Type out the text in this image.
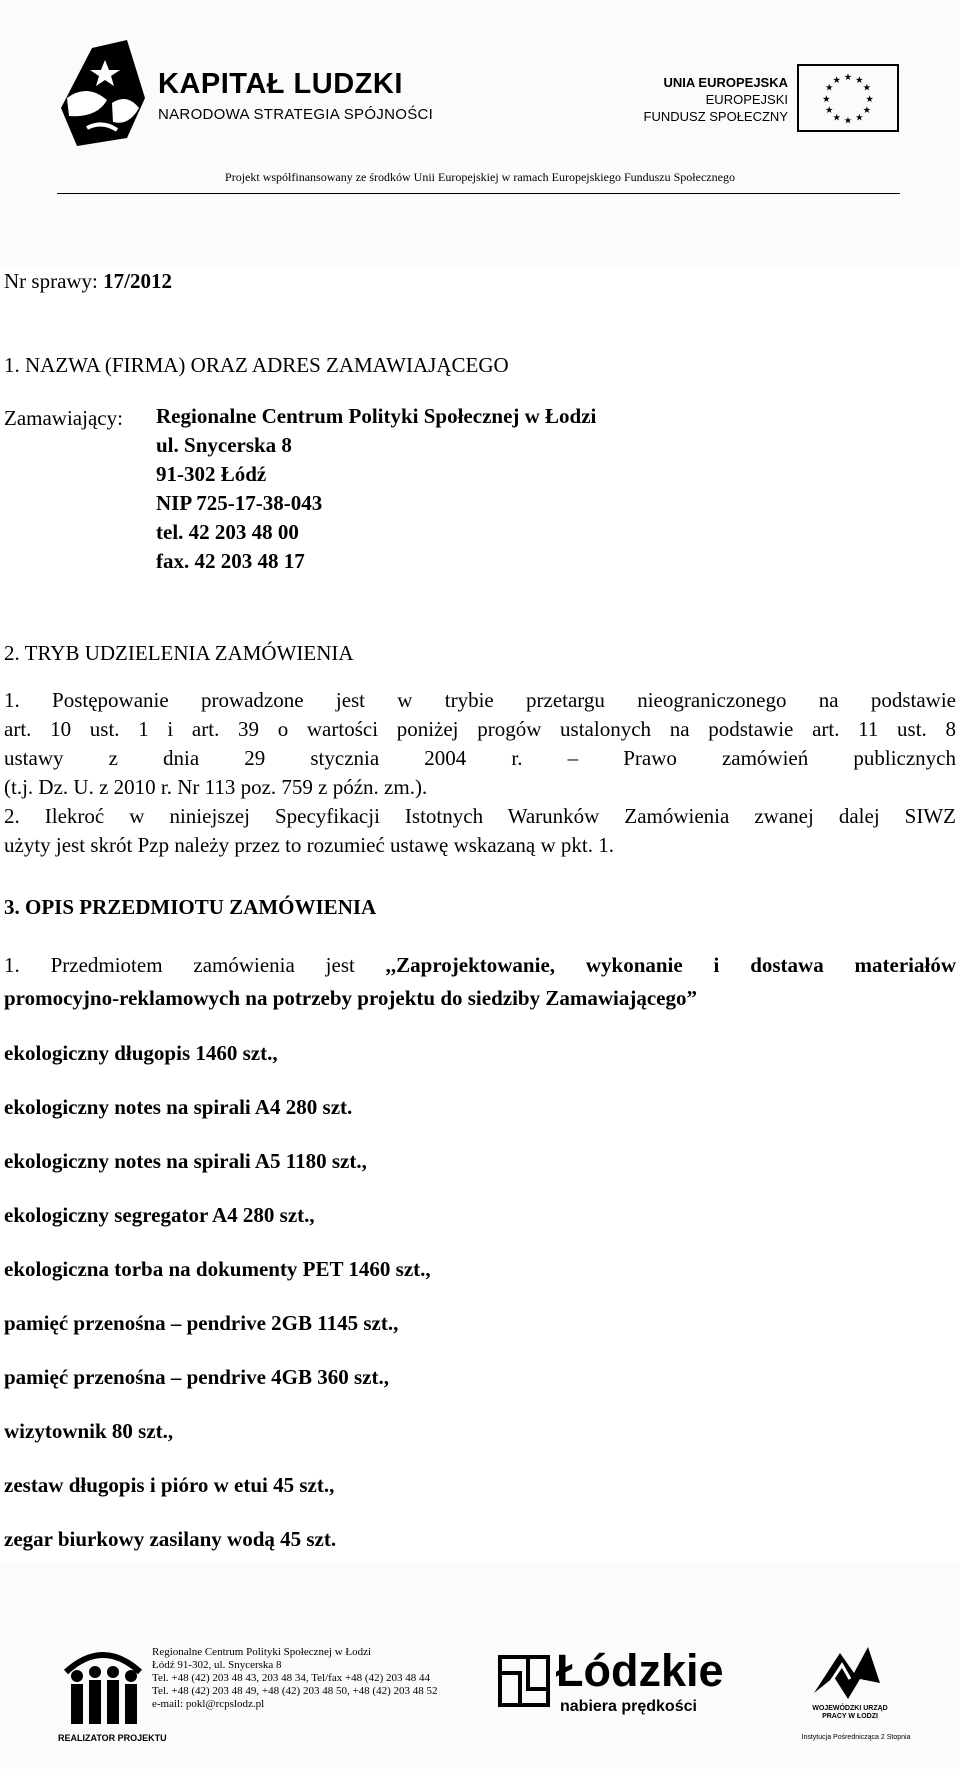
KAPITAŁ LUDZKI
NARODOWA STRATEGIA SPÓJNOŚCI
UNIA EUROPEJSKA
EUROPEJSKI
FUNDUSZ SPOŁECZNY
★ ★
★
★
★
★
★
★
★
★
★
★
Projekt współfinansowany ze środków Unii Europejskiej w ramach Europejskiego Funduszu Społecznego
Nr sprawy: 17/2012
1. NAZWA (FIRMA) ORAZ ADRES ZAMAWIAJĄCEGO
Zamawiający: Regionalne Centrum Polityki Społecznej w Łodzi
ul. Snycerska 8
91-302 Łódź
NIP 725-17-38-043
tel. 42 203 48 00
fax. 42 203 48 17
2. TRYB UDZIELENIA ZAMÓWIENIA
1. Postępowanie prowadzone jest w trybie przetargu nieograniczonego na podstawie
art. 10 ust. 1 i art. 39 o wartości poniżej progów ustalonych na podstawie art. 11 ust. 8
ustawy z dnia 29 stycznia 2004 r. – Prawo zamówień publicznych
(t.j. Dz. U. z 2010 r. Nr 113 poz. 759 z późn. zm.).
2. Ilekroć w niniejszej Specyfikacji Istotnych Warunków Zamówienia zwanej dalej SIWZ
użyty jest skrót Pzp należy przez to rozumieć ustawę wskazaną w pkt. 1.
3. OPIS PRZEDMIOTU ZAMÓWIENIA
1. Przedmiotem zamówienia jest ,,Zaprojektowanie, wykonanie i dostawa materiałów
promocyjno-reklamowych na potrzeby projektu do siedziby Zamawiającego”
ekologiczny długopis 1460 szt.,
ekologiczny notes na spirali A4 280 szt.
ekologiczny notes na spirali A5 1180 szt.,
ekologiczny segregator A4 280 szt.,
ekologiczna torba na dokumenty PET 1460 szt.,
pamięć przenośna – pendrive 2GB 1145 szt.,
pamięć przenośna – pendrive 4GB 360 szt.,
wizytownik 80 szt.,
zestaw długopis i pióro w etui 45 szt.,
zegar biurkowy zasilany wodą 45 szt.
REALIZATOR PROJEKTU
Regionalne Centrum Polityki Społecznej w Łodzi
Łódź 91-302, ul. Snycerska 8
Tel. +48 (42) 203 48 43, 203 48 34, Tel/fax +48 (42) 203 48 44
Tel. +48 (42) 203 48 49, +48 (42) 203 48 50, +48 (42) 203 48 52
e-mail: pokl@rcpslodz.pl
Łódzkie
nabiera prędkości	WOJEWÓDZKI URZĄD PRACY W ŁODZI
Instytucja Pośrednicząca 2 Stopnia
